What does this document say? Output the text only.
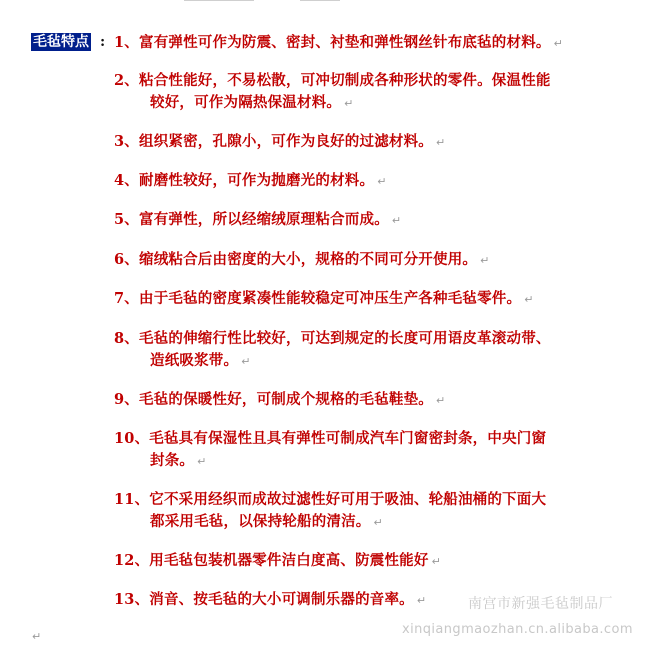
毛毡特点 : 1、富有弹性可作为防震、密封、衬垫和弹性钢丝针布底毡的材料。 ↵
2、粘合性能好，不易松散，可冲切制成各种形状的零件。保温性能
较好，可作为隔热保温材料。 ↵
3、组织紧密，孔隙小，可作为良好的过滤材料。 ↵
4、耐磨性较好，可作为抛磨光的材料。 ↵
5、富有弹性，所以经缩绒原理粘合而成。 ↵
6、缩绒粘合后由密度的大小，规格的不同可分开使用。 ↵
7、由于毛毡的密度紧凑性能较稳定可冲压生产各种毛毡零件。 ↵
8、毛毡的伸缩行性比较好，可达到规定的长度可用语皮革滚动带、
造纸吸浆带。 ↵
9、毛毡的保暖性好，可制成个规格的毛毡鞋垫。 ↵
10、毛毡具有保湿性且具有弹性可制成汽车门窗密封条，中央门窗
封条。 ↵
11、它不采用经织而成故过滤性好可用于吸油、轮船油桶的下面大
都采用毛毡，以保持轮船的清洁。 ↵
12、用毛毡包装机器零件洁白度高、防震性能好 ↵
13、消音、按毛毡的大小可调制乐器的音率。 ↵	南宫市新强毛毡制品厂
xinqiangmaozhan.cn.alibaba.com
↵
